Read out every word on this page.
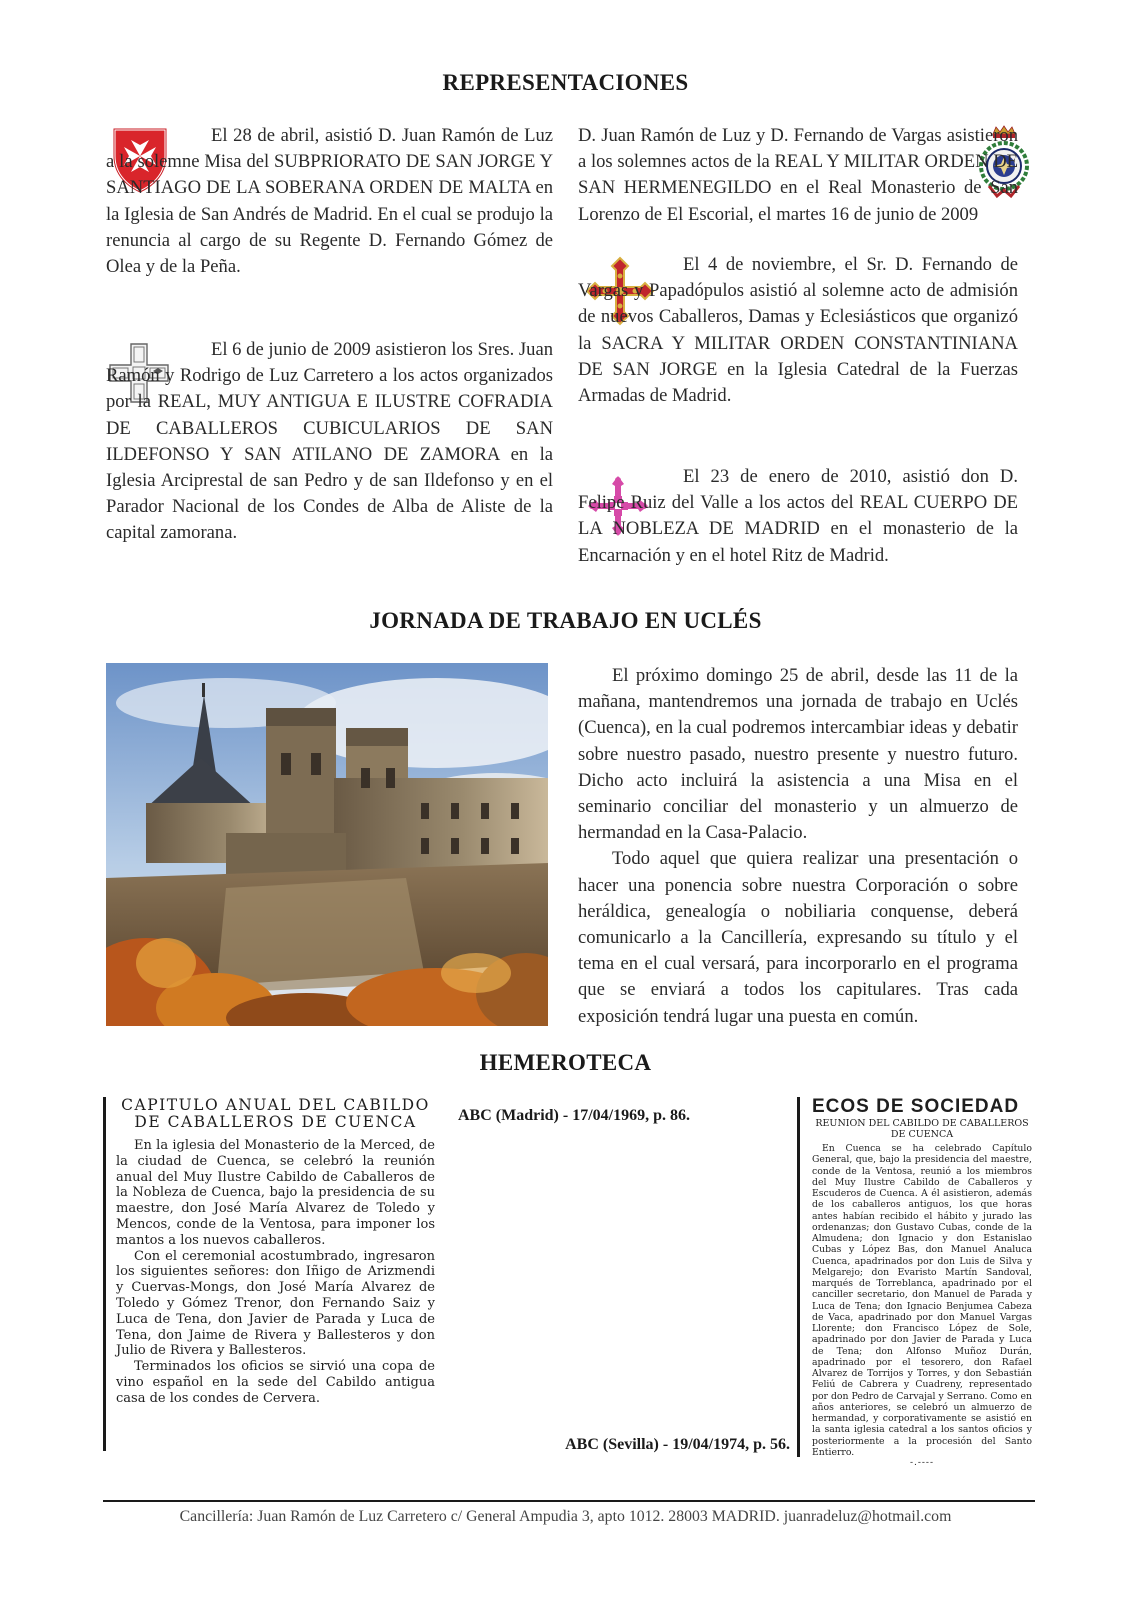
REPRESENTACIONES

El 28 de abril, asistió D. Juan Ramón de Luz a la solemne Misa del SUBPRIORATO DE SAN JORGE Y SANTIAGO DE LA SOBERANA ORDEN DE MALTA en la Iglesia de San Andrés de Madrid. En el cual se produjo la renuncia al cargo de su Regente D. Fernando Gómez de Olea y de la Peña.

El 6 de junio de 2009 asistieron los Sres. Juan Ramón y Rodrigo de Luz Carretero a los actos organizados por la REAL, MUY ANTIGUA E ILUSTRE COFRADIA DE CABALLEROS CUBICULARIOS DE SAN ILDEFONSO Y SAN ATILANO DE ZAMORA en la Iglesia Arciprestal de san Pedro y de san Ildefonso y en el Parador Nacional de los Condes de Alba de Aliste de la capital zamorana.

D. Juan Ramón de Luz y D. Fernando de Vargas asistieron a los solemnes actos de la REAL Y MILITAR ORDEN DE SAN HERMENEGILDO en el Real Monasterio de San Lorenzo de El Escorial, el martes 16 de junio de 2009

El 4 de noviembre, el Sr. D. Fernando de Vargas y Papadópulos asistió al solemne acto de admisión de nuevos Caballeros, Damas y Eclesiásticos que organizó la SACRA Y MILITAR ORDEN CONSTANTINIANA DE SAN JORGE en la Iglesia Catedral de la Fuerzas Armadas de Madrid.

El 23 de enero de 2010, asistió don D. Felipe Ruiz del Valle a los actos del REAL CUERPO DE LA NOBLEZA DE MADRID en el monasterio de la Encarnación y en el hotel Ritz de Madrid.

JORNADA DE TRABAJO EN UCLÉS

El próximo domingo 25 de abril, desde las 11 de la mañana, mantendremos una jornada de trabajo en Uclés (Cuenca), en la cual podremos intercambiar ideas y debatir sobre nuestro pasado, nuestro presente y nuestro futuro. Dicho acto incluirá la asistencia a una Misa en el seminario conciliar del monasterio y un almuerzo de hermandad en la Casa-Palacio.

Todo aquel que quiera realizar una presentación o hacer una ponencia sobre nuestra Corporación o sobre heráldica, genealogía o nobiliaria conquense, deberá comunicarlo a la Cancillería, expresando su título y el tema en el cual versará, para incorporarlo en el programa que se enviará a todos los capitulares. Tras cada exposición tendrá lugar una puesta en común.

HEMEROTECA
CAPITULO ANUAL DEL CABILDO DE CABALLEROS DE CUENCA

En la iglesia del Monasterio de la Merced, de la ciudad de Cuenca, se celebró la reunión anual del Muy Ilustre Cabildo de Caballeros de la Nobleza de Cuenca, bajo la presidencia de su maestre, don José María Alvarez de Toledo y Mencos, conde de la Ventosa, para imponer los mantos a los nuevos caballeros.

Con el ceremonial acostumbrado, ingresaron los siguientes señores: don Iñigo de Arizmendi y Cuervas-Mongs, don José María Alvarez de Toledo y Gómez Trenor, don Fernando Saiz y Luca de Tena, don Javier de Parada y Luca de Tena, don Jaime de Rivera y Ballesteros y don Julio de Rivera y Ballesteros.

Terminados los oficios se sirvió una copa de vino español en la sede del Cabildo antigua casa de los condes de Cervera.

ABC (Madrid) - 17/04/1969, p. 86.
ABC (Sevilla) - 19/04/1974, p. 56.
ECOS DE SOCIEDAD
REUNION DEL CABILDO DE CABALLEROS DE CUENCA

En Cuenca se ha celebrado Capítulo General, que, bajo la presidencia del maestre, conde de la Ventosa, reunió a los miembros del Muy Ilustre Cabildo de Caballeros y Escuderos de Cuenca. A él asistieron, además de los caballeros antiguos, los que horas antes habían recibido el hábito y jurado las ordenanzas; don Gustavo Cubas, conde de la Almudena; don Ignacio y don Estanislao Cubas y López Bas, don Manuel Analuca Cuenca, apadrinados por don Luis de Silva y Melgarejo; don Evaristo Martín Sandoval, marqués de Torreblanca, apadrinado por el canciller secretario, don Manuel de Parada y Luca de Tena; don Ignacio Benjumea Cabeza de Vaca, apadrinado por don Manuel Vargas Llorente; don Francisco López de Sole, apadrinado por don Javier de Parada y Luca de Tena; don Alfonso Muñoz Durán, apadrinado por el tesorero, don Rafael Alvarez de Torrijos y Torres, y don Sebastián Feliú de Cabrera y Cuadreny, representado por don Pedro de Carvajal y Serrano. Como en años anteriores, se celebró un almuerzo de hermandad, y corporativamente se asistió en la santa iglesia catedral a los santos oficios y posteriormente a la procesión del Santo Entierro.

-.----
Cancillería: Juan Ramón de Luz Carretero c/ General Ampudia 3, apto 1012. 28003 MADRID. juanradeluz@hotmail.com
